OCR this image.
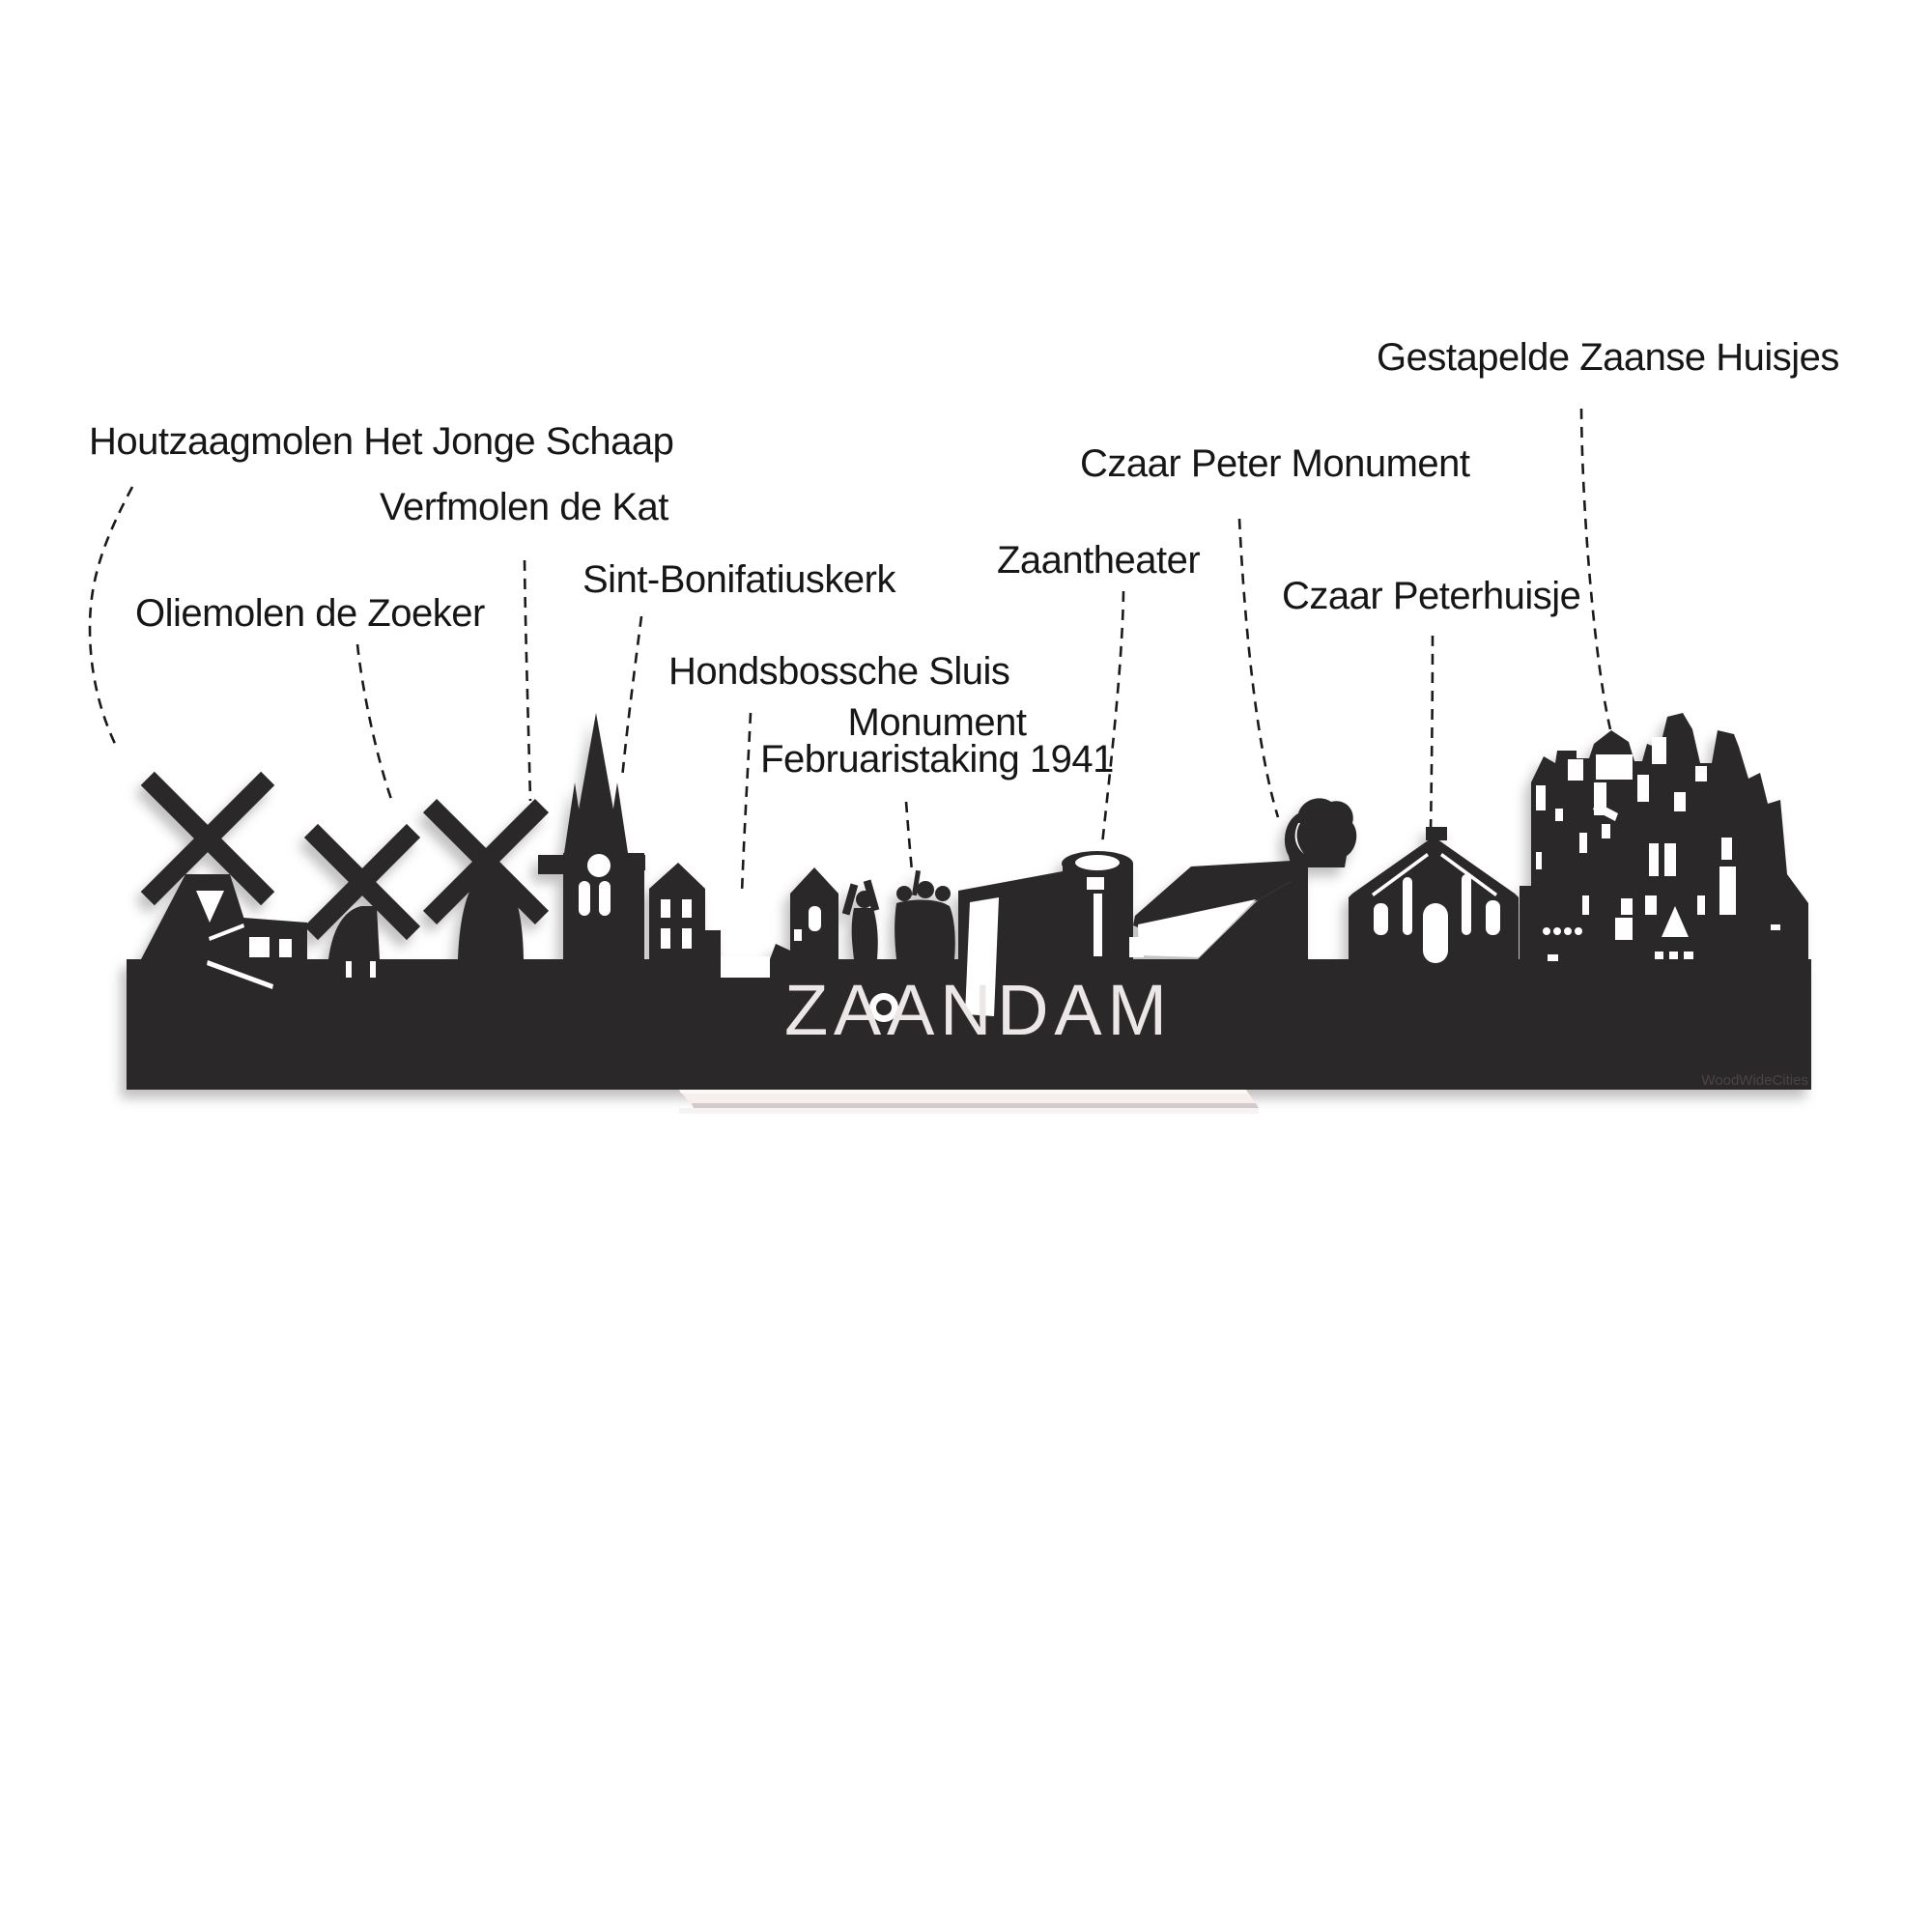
ZAANDAM
WoodWideCities
Houtzaagmolen Het Jonge Schaap
Verfmolen de Kat
Oliemolen de Zoeker
Sint-Bonifatiuskerk
Hondsbossche Sluis
Monument
Februaristaking 1941
Zaantheater
Czaar Peter Monument
Czaar Peterhuisje
Gestapelde Zaanse Huisjes
